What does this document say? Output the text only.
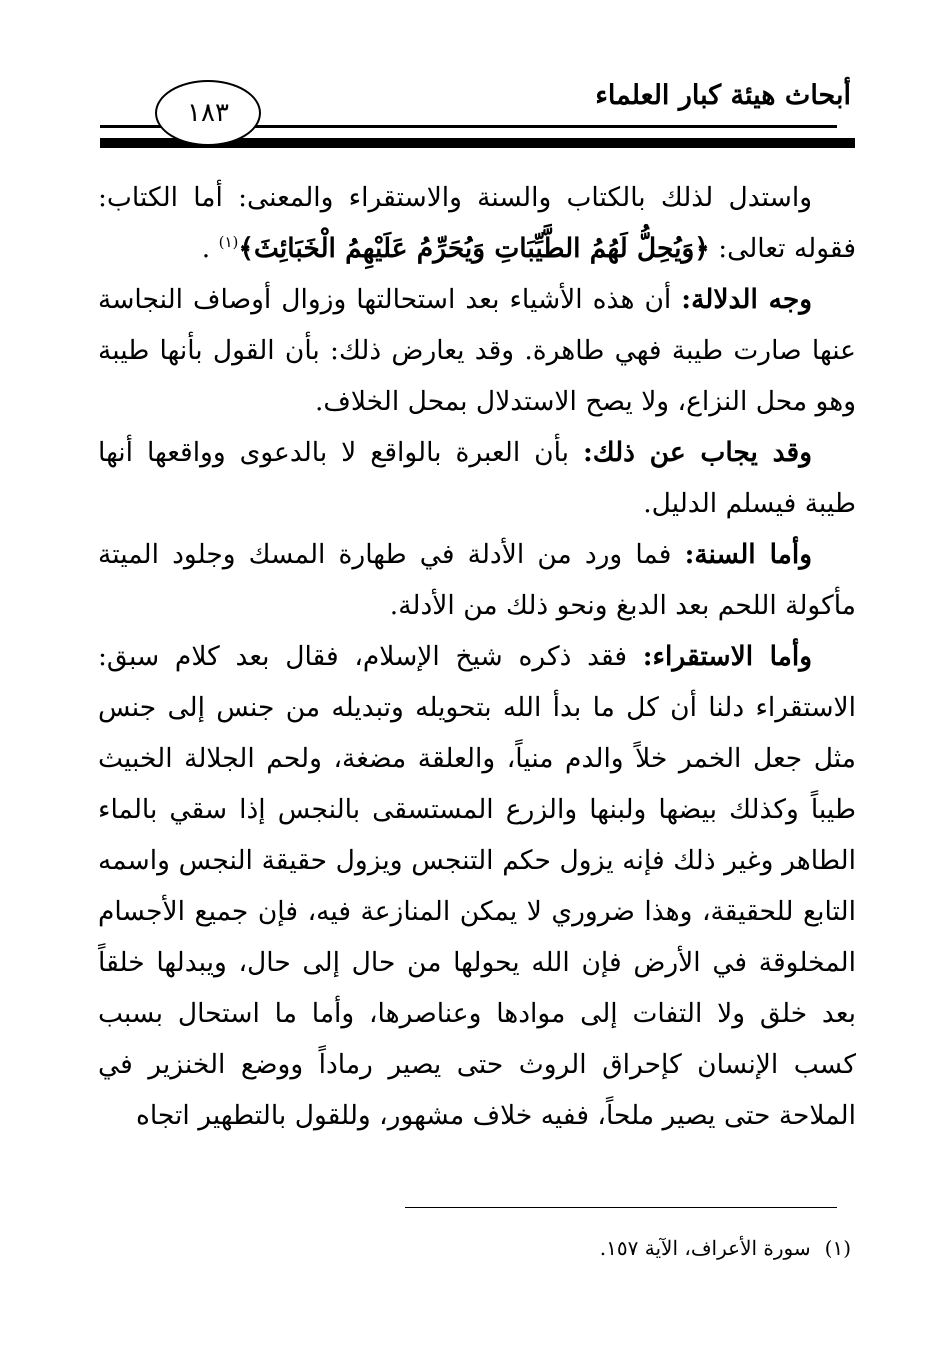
أبحاث هيئة كبار العلماء
١٨٣

واستدل لذلك بالكتاب والسنة والاستقراء والمعنى: أما الكتاب: فقوله تعالى: ﴿وَيُحِلُّ لَهُمُ الطَّيِّبَاتِ وَيُحَرِّمُ عَلَيْهِمُ الْخَبَائِثَ﴾$^{(١)}$ .

وجه الدلالة: أن هذه الأشياء بعد استحالتها وزوال أوصاف النجاسة عنها صارت طيبة فهي طاهرة. وقد يعارض ذلك: بأن القول بأنها طيبة وهو محل النزاع، ولا يصح الاستدلال بمحل الخلاف.

وقد يجاب عن ذلك: بأن العبرة بالواقع لا بالدعوى وواقعها أنها طيبة فيسلم الدليل.

وأما السنة: فما ورد من الأدلة في طهارة المسك وجلود الميتة مأكولة اللحم بعد الدبغ ونحو ذلك من الأدلة.

وأما الاستقراء: فقد ذكره شيخ الإسلام، فقال بعد كلام سبق: الاستقراء دلنا أن كل ما بدأ الله بتحويله وتبديله من جنس إلى جنس مثل جعل الخمر خلاً والدم منياً، والعلقة مضغة، ولحم الجلالة الخبيث طيباً وكذلك بيضها ولبنها والزرع المستسقى بالنجس إذا سقي بالماء الطاهر وغير ذلك فإنه يزول حكم التنجس ويزول حقيقة النجس واسمه التابع للحقيقة، وهذا ضروري لا يمكن المنازعة فيه، فإن جميع الأجسام المخلوقة في الأرض فإن الله يحولها من حال إلى حال، ويبدلها خلقاً بعد خلق ولا التفات إلى موادها وعناصرها، وأما ما استحال بسبب كسب الإنسان كإحراق الروث حتى يصير رماداً ووضع الخنزير في الملاحة حتى يصير ملحاً، ففيه خلاف مشهور، وللقول بالتطهير اتجاه

(١)سورة الأعراف، الآية ١٥٧.
